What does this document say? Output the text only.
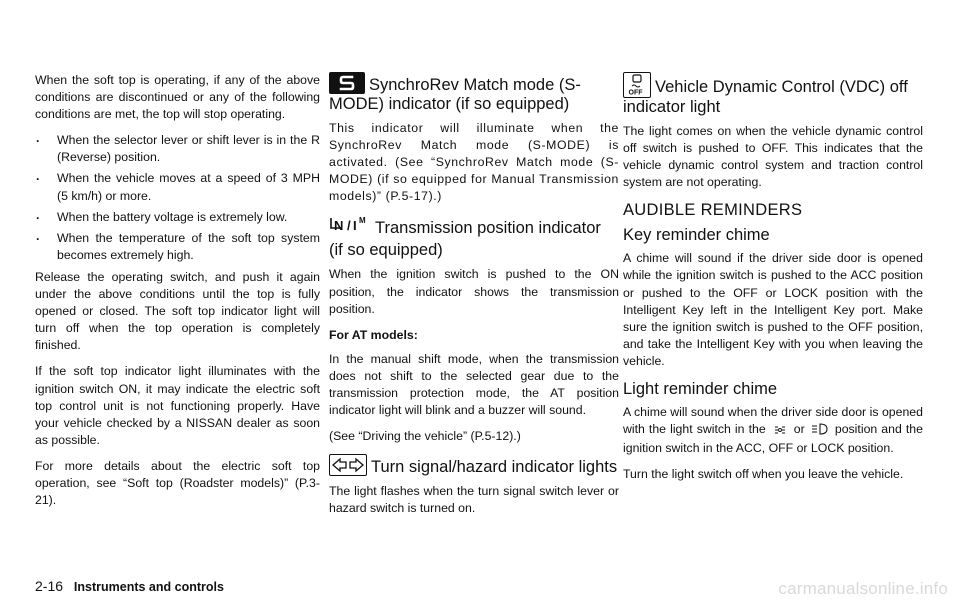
When the soft top is operating, if any of the above conditions are discontinued or any of the following conditions are met, the top will stop operating.

. When the selector lever or shift lever is in the R (Reverse) position.
. When the vehicle moves at a speed of 3 MPH (5 km/h) or more.
. When the battery voltage is extremely low.
. When the temperature of the soft top system becomes extremely high.

Release the operating switch, and push it again under the above conditions until the top is fully opened or closed. The soft top indicator light will turn off when the top operation is completely finished.

If the soft top indicator light illuminates with the ignition switch ON, it may indicate the electric soft top control unit is not functioning properly. Have your vehicle checked by a NISSAN dealer as soon as possible.

For more details about the electric soft top operation, see “Soft top (Roadster models)” (P.3-21).

SynchroRev Match mode (S-MODE) indicator (if so equipped)

This indicator will illuminate when the SynchroRev Match mode (S-MODE) is activated. (See “SynchroRev Match mode (S-MODE) (if so equipped for Manual Transmission models)” (P.5-17).)

N / I M Transmission position indicator (if so equipped)

When the ignition switch is pushed to the ON position, the indicator shows the transmission position.

For AT models:

In the manual shift mode, when the transmission does not shift to the selected gear due to the transmission protection mode, the AT position indicator light will blink and a buzzer will sound.

(See “Driving the vehicle” (P.5-12).)

Turn signal/hazard indicator lights

The light flashes when the turn signal switch lever or hazard switch is turned on.

OFF Vehicle Dynamic Control (VDC) off indicator light

The light comes on when the vehicle dynamic control off switch is pushed to OFF. This indicates that the vehicle dynamic control system and traction control system are not operating.

AUDIBLE REMINDERS
Key reminder chime

A chime will sound if the driver side door is opened while the ignition switch is pushed to the ACC position or pushed to the OFF or LOCK position with the Intelligent Key left in the Intelligent Key port. Make sure the ignition switch is pushed to the OFF position, and take the Intelligent Key with you when leaving the vehicle.

Light reminder chime

A chime will sound when the driver side door is opened with the light switch in the or position and the ignition switch in the ACC, OFF or LOCK position.

Turn the light switch off when you leave the vehicle.

2-16 Instruments and controls	carmanualsonline.info
